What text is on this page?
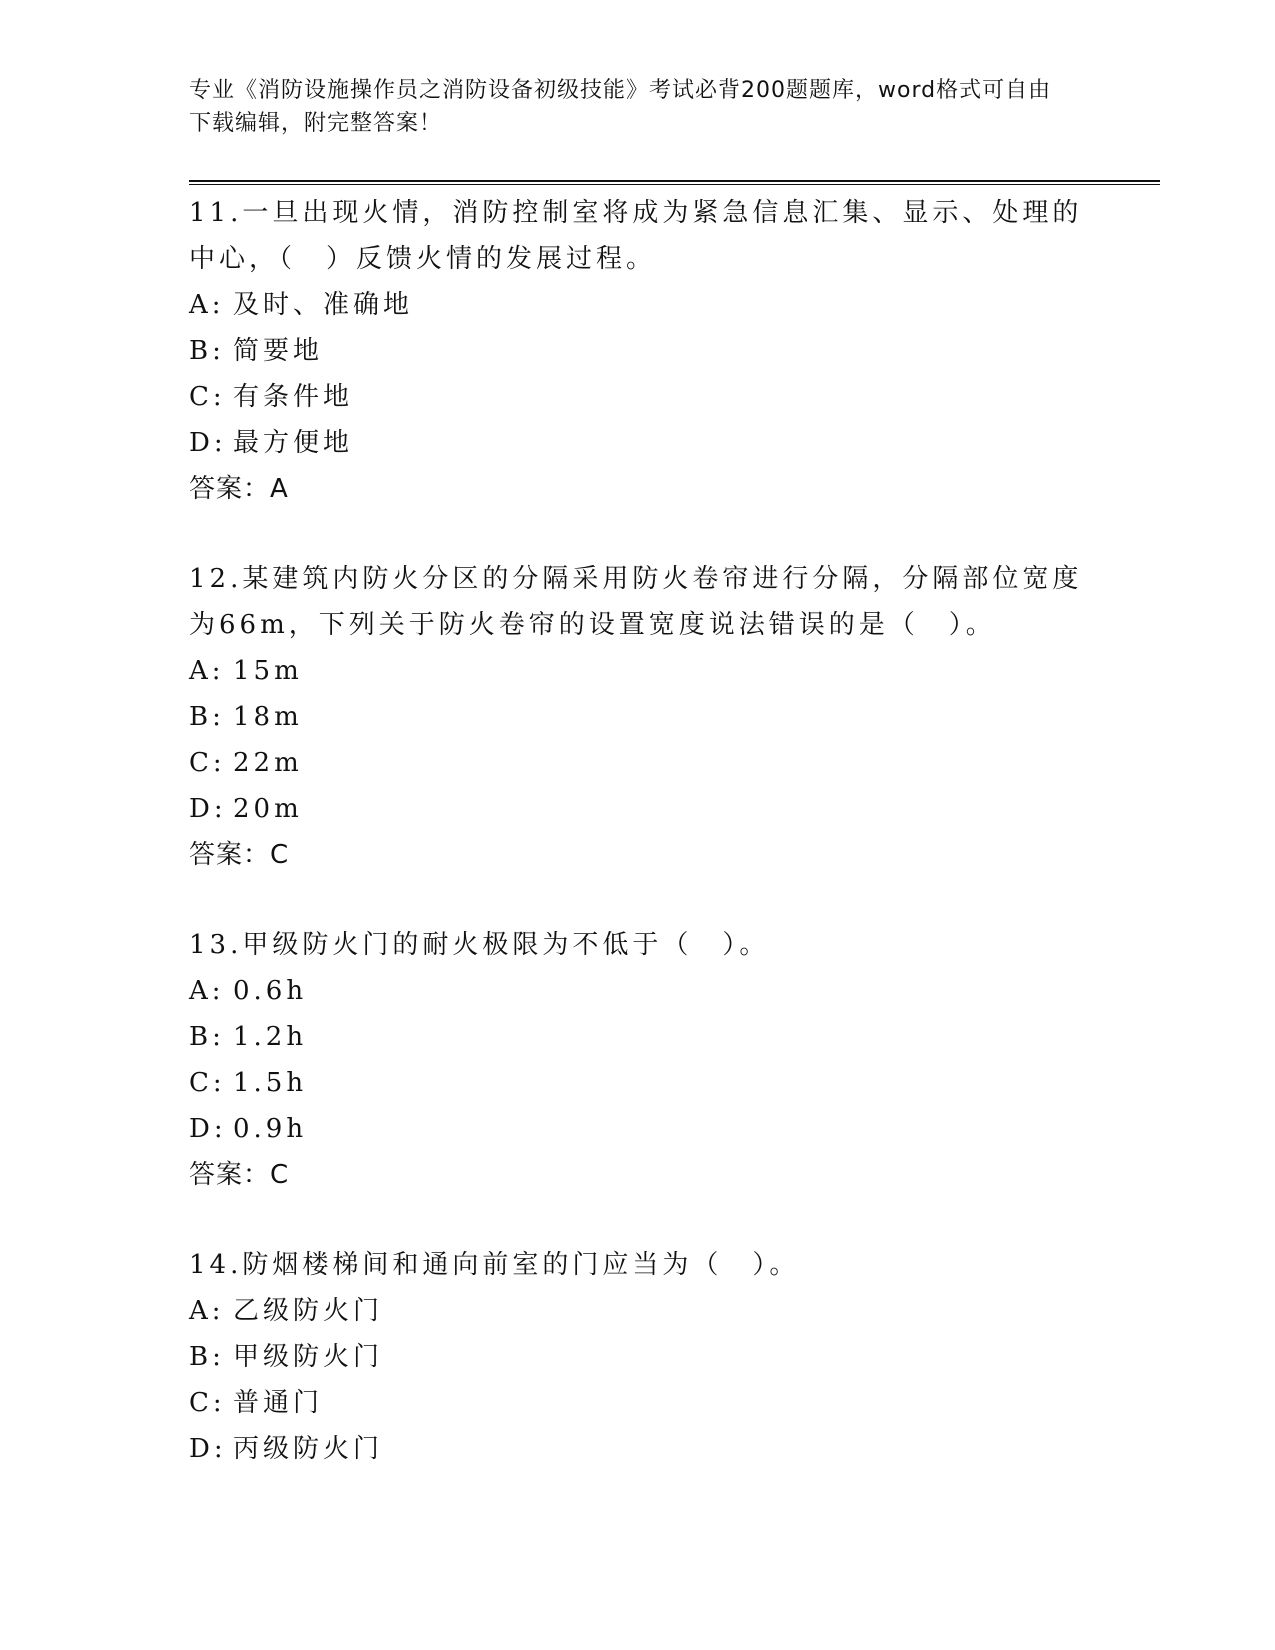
专业《消防设施操作员之消防设备初级技能》考试必背200题题库，word格式可自由下载编辑，附完整答案！

11.一旦出现火情，消防控制室将成为紧急信息汇集、显示、处理的中心，（　）反馈火情的发展过程。

A: 及时、准确地

B: 简要地

C: 有条件地

D: 最方便地

答案：A

12.某建筑内防火分区的分隔采用防火卷帘进行分隔，分隔部位宽度为66m，下列关于防火卷帘的设置宽度说法错误的是（　）。

A: 15m

B: 18m

C: 22m

D: 20m

答案：C

13.甲级防火门的耐火极限为不低于（　）。

A: 0.6h

B: 1.2h

C: 1.5h

D: 0.9h

答案：C

14.防烟楼梯间和通向前室的门应当为（　）。

A: 乙级防火门

B: 甲级防火门

C: 普通门

D: 丙级防火门
